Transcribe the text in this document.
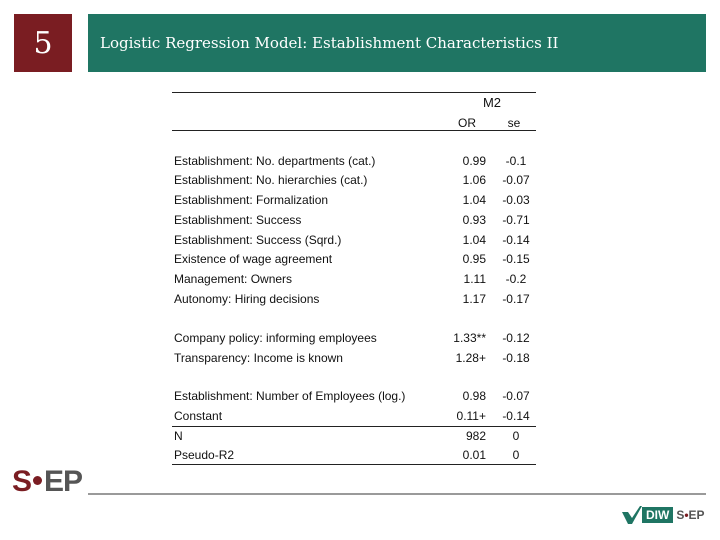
5	Logistic Regression Model: Establishment Characteristics II
M2
OR	se
Establishment: No. departments (cat.)	0.99	-0.1
Establishment: No. hierarchies (cat.)	1.06	-0.07
Establishment: Formalization	1.04	-0.03
Establishment: Success	0.93	-0.71
Establishment: Success (Sqrd.)	1.04	-0.14
Existence of wage agreement	0.95	-0.15
Management: Owners	1.11	-0.2
Autonomy: Hiring decisions	1.17	-0.17
Company policy: informing employees	1.33**	-0.12
Transparency: Income is known	1.28+	-0.18
Establishment: Number of Employees (log.)	0.98	-0.07
Constant	0.11+	-0.14
N	982	0
Pseudo-R2	0.01	0
S EP
DIW S•EP
